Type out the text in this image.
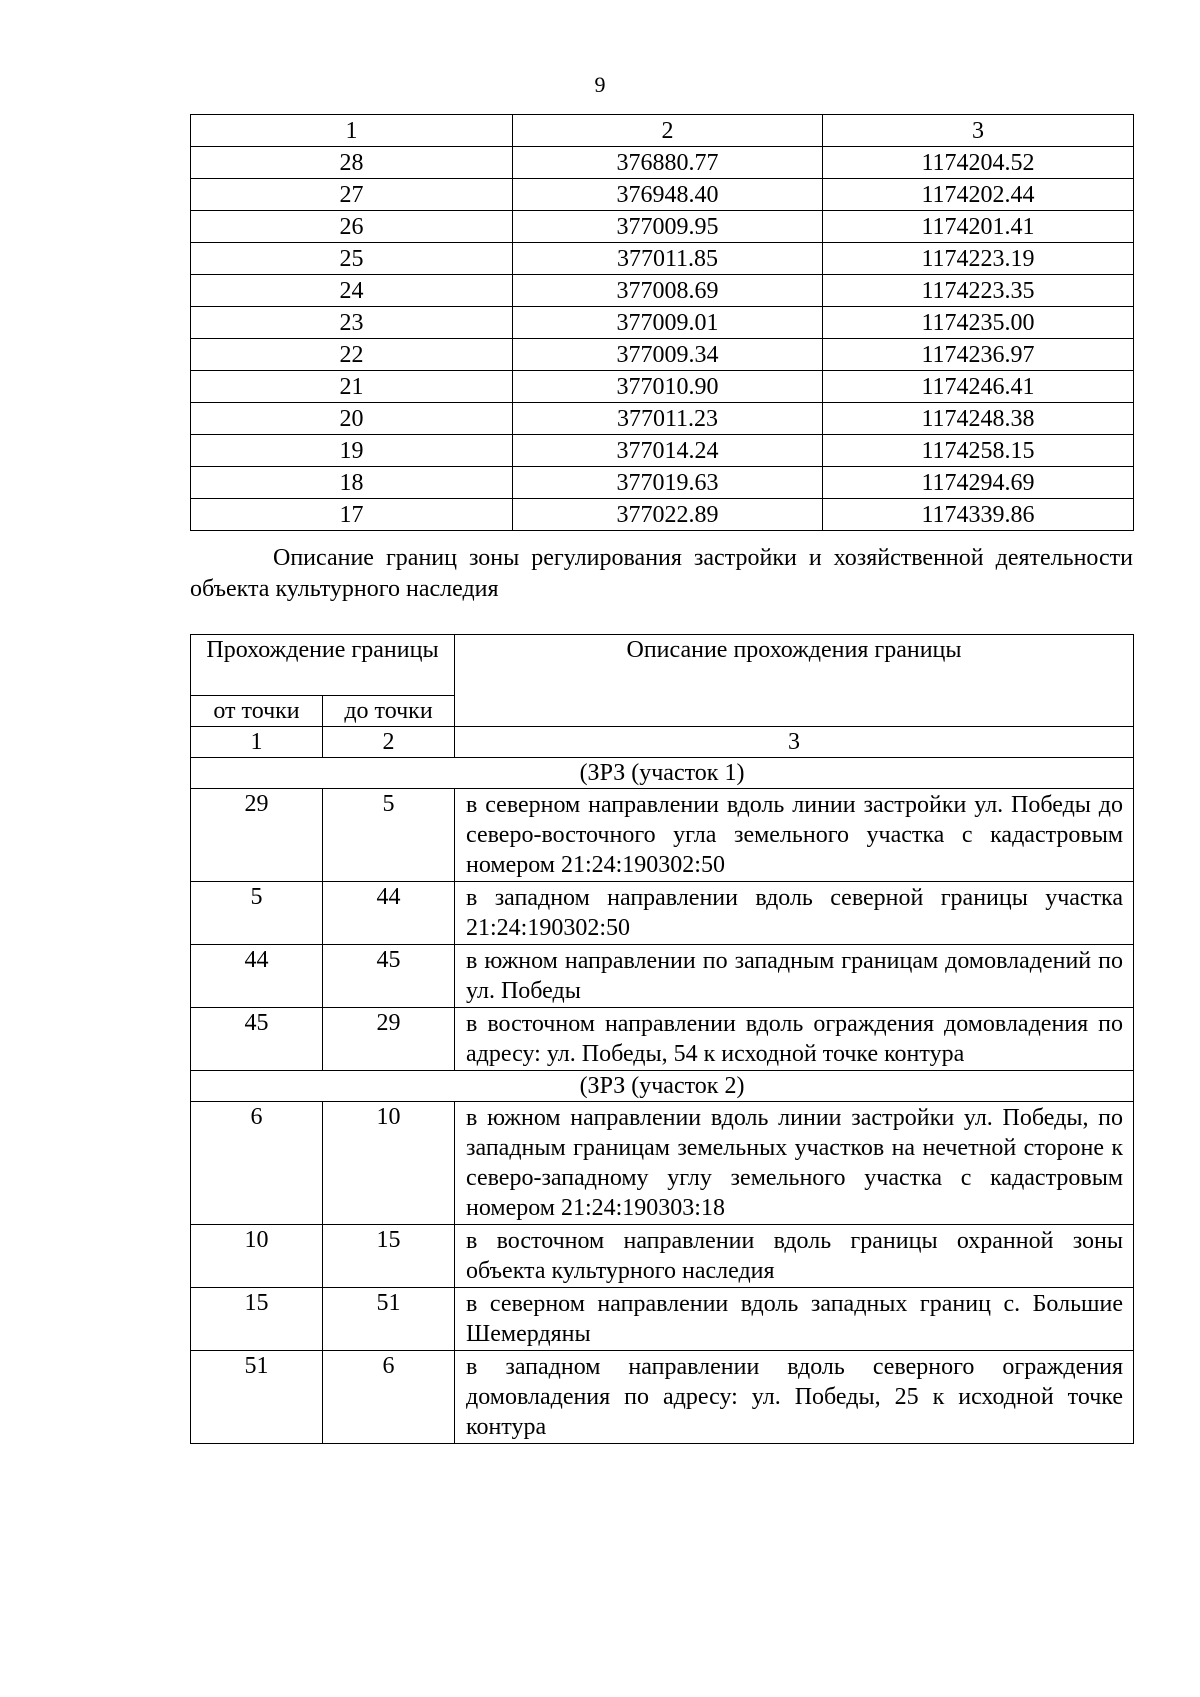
9
1	2	3
28	376880.77	1174204.52
27	376948.40	1174202.44
26	377009.95	1174201.41
25	377011.85	1174223.19
24	377008.69	1174223.35
23	377009.01	1174235.00
22	377009.34	1174236.97
21	377010.90	1174246.41
20	377011.23	1174248.38
19	377014.24	1174258.15
18	377019.63	1174294.69
17	377022.89	1174339.86
Описание границ зоны регулирования застройки и хозяйственной деятельности объекта культурного наследия
Прохождение границы		Описание прохождения границы
от точки	до точки	
1	2	3
(ЗРЗ (участок 1)		
29	5	в северном направлении вдоль линии застройки ул. Победы до северо-восточного угла земельного участка с кадастровым номером 21:24:190302:50
5	44	в западном направлении вдоль северной границы участка 21:24:190302:50
44	45	в южном направлении по западным границам домовладений по ул. Победы
45	29	в восточном направлении вдоль ограждения домовладения по адресу: ул. Победы, 54 к исходной точке контура
(ЗРЗ (участок 2)		
6	10	в южном направлении вдоль линии застройки ул. Победы, по западным границам земельных участков на нечетной стороне к северо-западному углу земельного участка с кадастровым номером 21:24:190303:18
10	15	в восточном направлении вдоль границы охранной зоны объекта культурного наследия
15	51	в северном направлении вдоль западных границ с. Большие Шемердяны
51	6	в западном направлении вдоль северного ограждения домовладения по адресу: ул. Победы, 25 к исходной точке контура
